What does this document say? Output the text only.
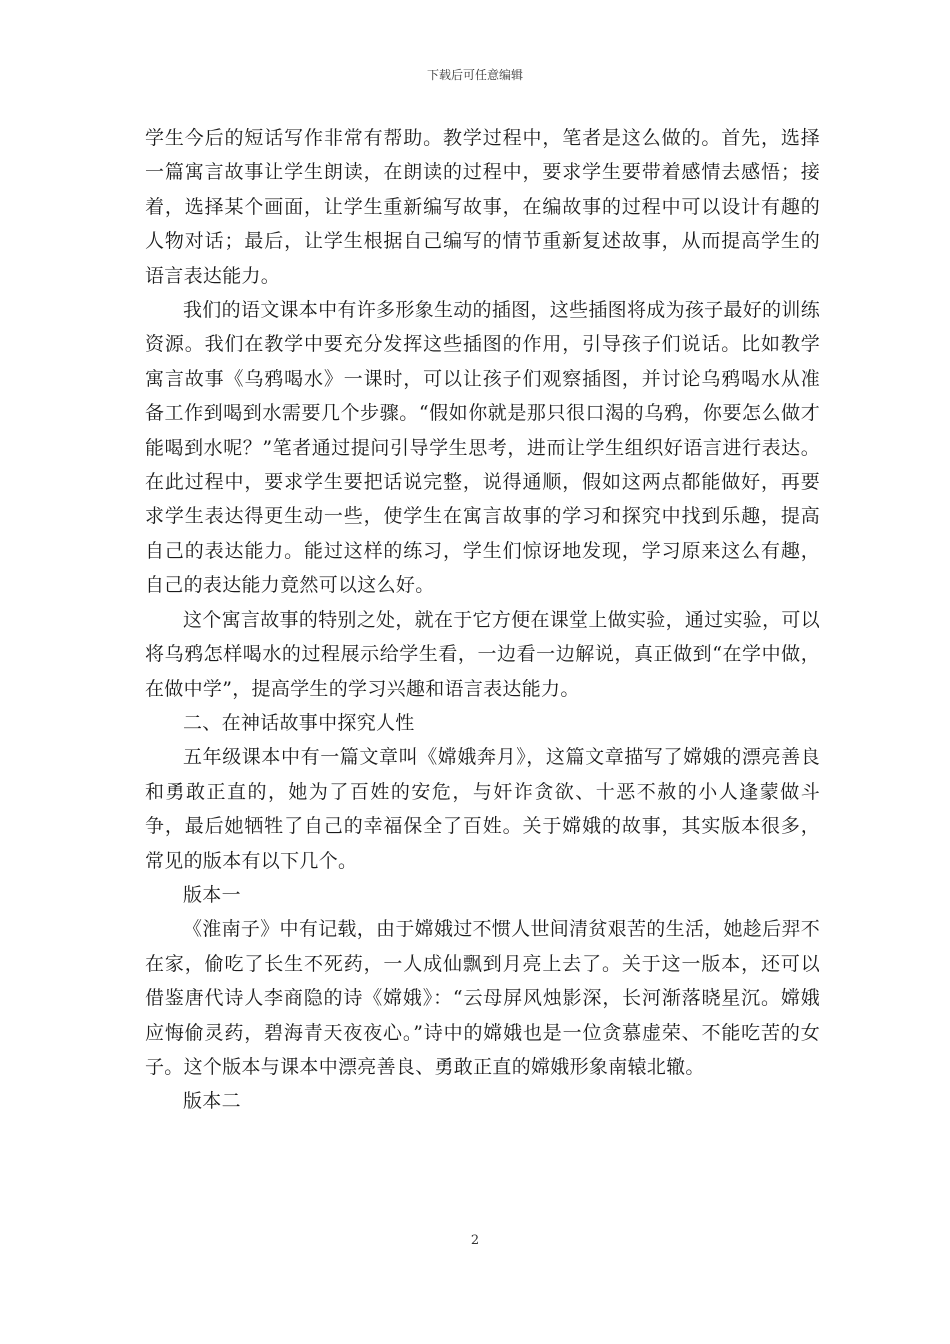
下载后可任意编辑

学生今后的短话写作非常有帮助。教学过程中，笔者是这么做的。首先，选择一篇寓言故事让学生朗读，在朗读的过程中，要求学生要带着感情去感悟；接着，选择某个画面，让学生重新编写故事，在编故事的过程中可以设计有趣的人物对话；最后，让学生根据自己编写的情节重新复述故事，从而提高学生的语言表达能力。

我们的语文课本中有许多形象生动的插图，这些插图将成为孩子最好的训练资源。我们在教学中要充分发挥这些插图的作用，引导孩子们说话。比如教学寓言故事《乌鸦喝水》一课时，可以让孩子们观察插图，并讨论乌鸦喝水从准备工作到喝到水需要几个步骤。“假如你就是那只很口渴的乌鸦，你要怎么做才能喝到水呢？”笔者通过提问引导学生思考，进而让学生组织好语言进行表达。在此过程中，要求学生要把话说完整，说得通顺，假如这两点都能做好，再要求学生表达得更生动一些，使学生在寓言故事的学习和探究中找到乐趣，提高自己的表达能力。能过这样的练习，学生们惊讶地发现，学习原来这么有趣，自己的表达能力竟然可以这么好。

这个寓言故事的特别之处，就在于它方便在课堂上做实验，通过实验，可以将乌鸦怎样喝水的过程展示给学生看，一边看一边解说，真正做到“在学中做，在做中学”，提高学生的学习兴趣和语言表达能力。

二、在神话故事中探究人性

五年级课本中有一篇文章叫《嫦娥奔月》，这篇文章描写了嫦娥的漂亮善良和勇敢正直的，她为了百姓的安危，与奸诈贪欲、十恶不赦的小人逢蒙做斗争，最后她牺牲了自己的幸福保全了百姓。关于嫦娥的故事，其实版本很多，常见的版本有以下几个。

版本一

《淮南子》中有记载，由于嫦娥过不惯人世间清贫艰苦的生活，她趁后羿不在家，偷吃了长生不死药，一人成仙飘到月亮上去了。关于这一版本，还可以借鉴唐代诗人李商隐的诗《嫦娥》：“云母屏风烛影深，长河渐落晓星沉。嫦娥应悔偷灵药，碧海青天夜夜心。”诗中的嫦娥也是一位贪慕虚荣、不能吃苦的女子。这个版本与课本中漂亮善良、勇敢正直的嫦娥形象南辕北辙。

版本二

2
